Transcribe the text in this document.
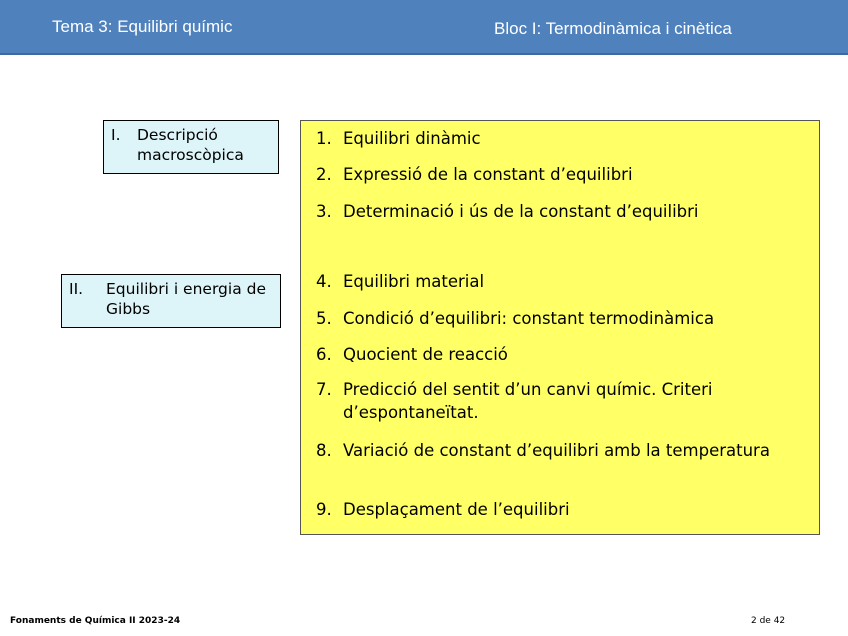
Tema 3: Equilibri químic	Bloc I: Termodinàmica i cinètica
I. Descripció macroscòpica
II. Equilibri i energia de Gibbs
1. Equilibri dinàmic
2. Expressió de la constant d’equilibri
3. Determinació i ús de la constant d’equilibri
4. Equilibri material
5. Condició d’equilibri: constant termodinàmica
6. Quocient de reacció
7. Predicció del sentit d’un canvi químic. Criteri d’espontaneïtat.
8. Variació de constant d’equilibri amb la temperatura
9. Desplaçament de l’equilibri
Fonaments de Química II 2023-24	2 de 42
